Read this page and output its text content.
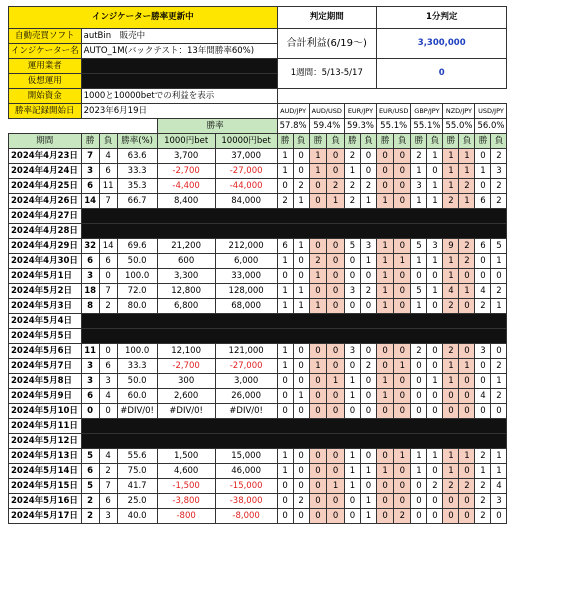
インジケーター勝率更新中						判定期間						1分判定							
自動売買ソフト	autBin　販売中					合計利益(6/19〜)						3,300,000							
インジケーター名	AUTO_1M(バックテスト：13年間勝率60%)																		
運用業者						1週間：5/13-5/17						0							
仮想運用																			
開始資金	1000と10000betでの利益を表示																		
勝率記録開始日	2023年6月19日					AUD/JPY		AUD/USD		EUR/JPY		EUR/USD		GBP/JPY		NZD/JPY		USD/JPY	
				勝率		57.8%		59.4%		59.3%		55.1%		55.1%		55.0%		56.0%	
期間	勝	負	勝率(%)	1000円bet	10000円bet	勝	負	勝	負	勝	負	勝	負	勝	負	勝	負	勝	負
2024年4月23日	7	4	63.6	3,700	37,000	1	0	1	0	2	0	0	0	2	1	1	1	0	2
2024年4月24日	3	6	33.3	-2,700	-27,000	1	0	1	0	1	0	0	0	1	0	1	1	1	3
2024年4月25日	6	11	35.3	-4,400	-44,000	0	2	0	2	2	2	0	0	3	1	1	2	0	2
2024年4月26日	14	7	66.7	8,400	84,000	2	1	0	1	2	1	1	0	1	1	2	1	6	2
2024年4月27日																			
2024年4月28日																			
2024年4月29日	32	14	69.6	21,200	212,000	6	1	0	0	5	3	1	0	5	3	9	2	6	5
2024年4月30日	6	6	50.0	600	6,000	1	0	2	0	0	1	1	1	1	1	1	2	0	1
2024年5月1日	3	0	100.0	3,300	33,000	0	0	1	0	0	0	1	0	0	0	1	0	0	0
2024年5月2日	18	7	72.0	12,800	128,000	1	1	0	0	3	2	1	0	5	1	4	1	4	2
2024年5月3日	8	2	80.0	6,800	68,000	1	1	1	0	0	0	1	0	1	0	2	0	2	1
2024年5月4日																			
2024年5月5日																			
2024年5月6日	11	0	100.0	12,100	121,000	1	0	0	0	3	0	0	0	2	0	2	0	3	0
2024年5月7日	3	6	33.3	-2,700	-27,000	1	0	1	0	0	2	0	1	0	0	1	1	0	2
2024年5月8日	3	3	50.0	300	3,000	0	0	0	1	1	0	1	0	0	1	1	0	0	1
2024年5月9日	6	4	60.0	2,600	26,000	0	1	0	0	1	0	1	0	0	0	0	0	4	2
2024年5月10日	0	0	#DIV/0!	#DIV/0!	#DIV/0!	0	0	0	0	0	0	0	0	0	0	0	0	0	0
2024年5月11日																			
2024年5月12日																			
2024年5月13日	5	4	55.6	1,500	15,000	1	0	0	0	1	0	0	1	1	1	1	1	2	1
2024年5月14日	6	2	75.0	4,600	46,000	1	0	0	0	1	1	1	0	1	0	1	0	1	1
2024年5月15日	5	7	41.7	-1,500	-15,000	0	0	0	1	1	0	0	0	0	2	2	2	2	4
2024年5月16日	2	6	25.0	-3,800	-38,000	0	2	0	0	0	1	0	0	0	0	0	0	2	3
2024年5月17日	2	3	40.0	-800	-8,000	0	0	0	0	0	1	0	2	0	0	0	0	2	0
